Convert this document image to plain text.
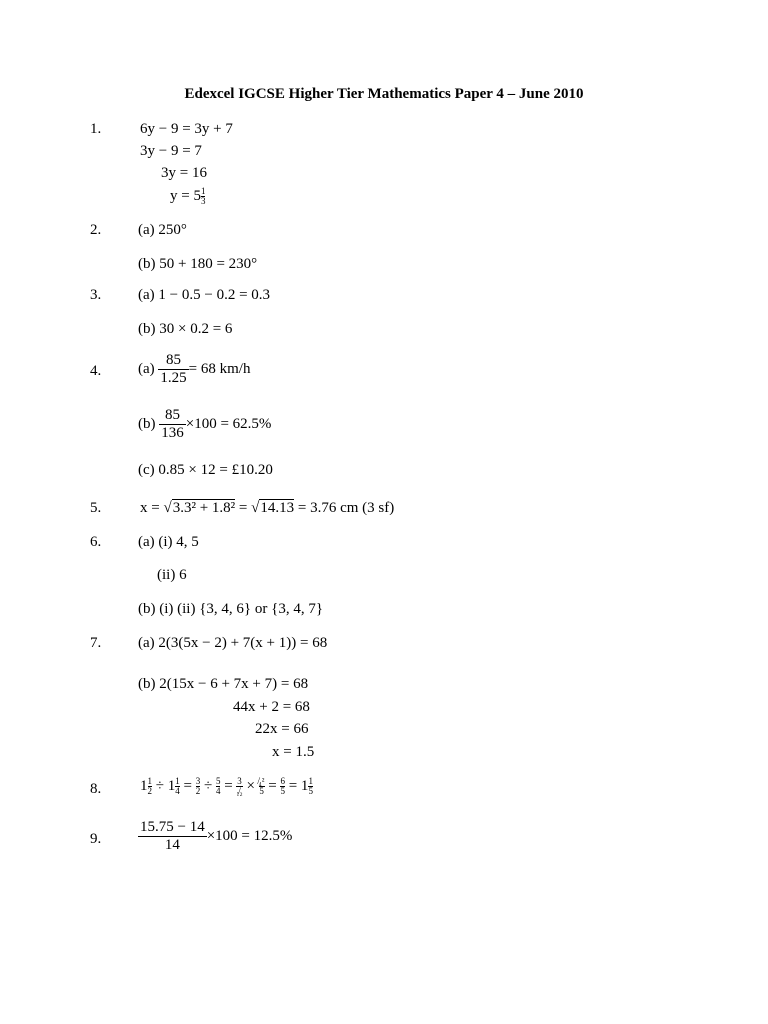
Edexcel IGCSE Higher Tier Mathematics Paper 4 – June 2010
1.	6y − 9 = 3y + 7
3y − 9 = 7
3y = 16
$y = 5 \frac{1}{3}$
2. (a) 250°
(b) 50 + 180 = 230°
3. (a) 1 − 0.5 − 0.2 = 0.3
(b) 30 × 0.2 = 6
4. $(a) \frac{85}{1.25} = 68$ km/h
$(b) \frac{85}{136} \times 100 = 62.5\%$
(c) 0.85 × 12 = £10.20
5.	x = √3.3² + 1.8² = √14.13 = 3.76 cm (3 sf)
6. (a) (i) 4, 5
(ii) 6
(b) (i) (ii) {3, 4, 6} or {3, 4, 7}
7. (a) 2(3(5x − 2) + 7(x + 1)) = 68
(b) 2(15x − 6 + 7x + 7) = 68
44x + 2 = 68
22x = 66
x = 1.5
8.	$1 \frac{1}{2} \div 1 \frac{1}{4} = \frac{3}{2} \div \frac{5}{4} = 3$
₁̸₂ × ̸₄²
$5 = \frac{6}{5} = 1 \frac{1}{5}$
9. $\frac{15.75 - 14}{14} \times 100 = 12.5\%$
